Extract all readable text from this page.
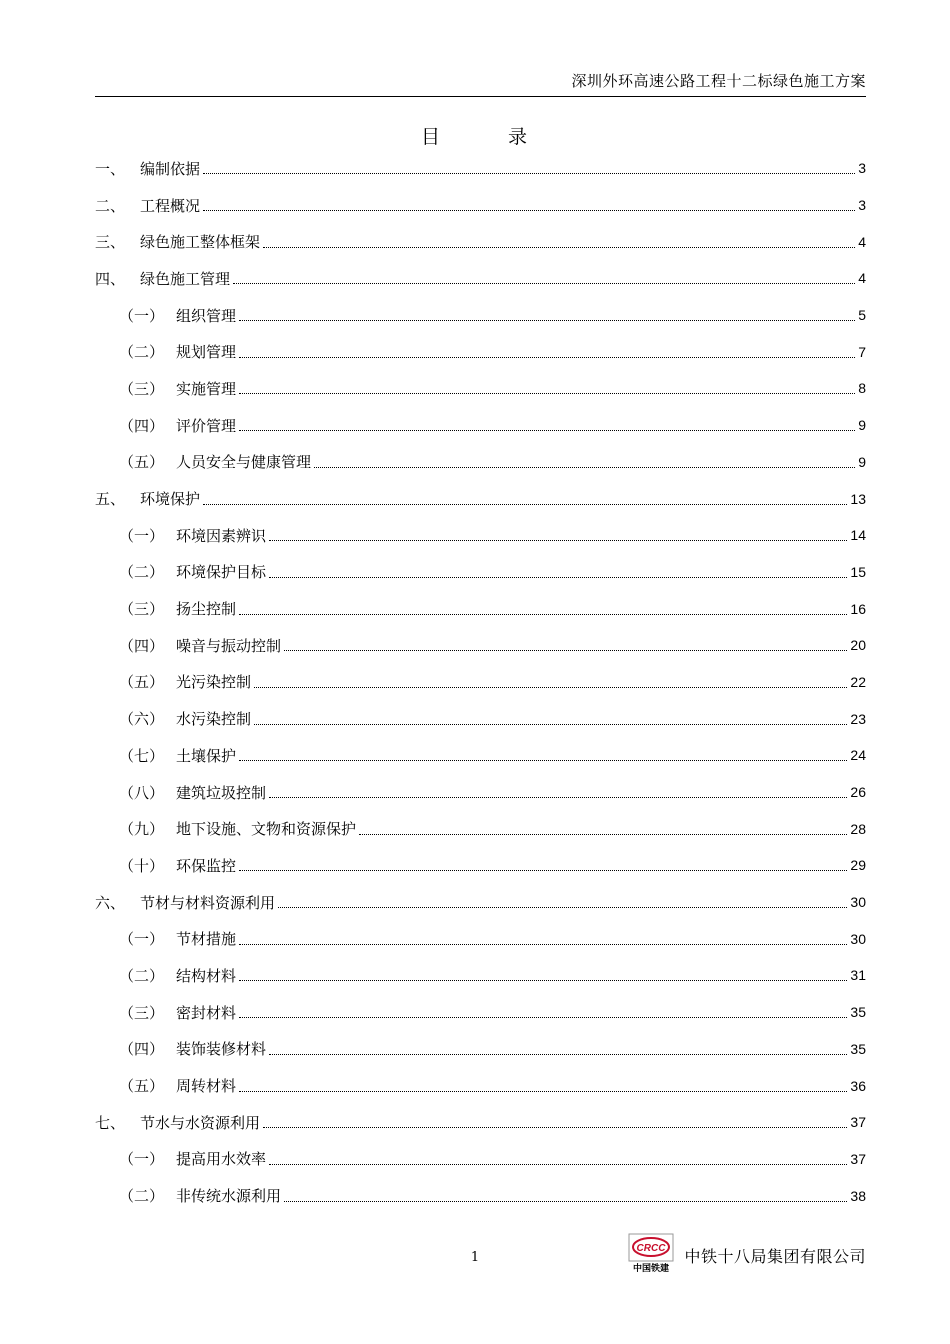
深圳外环高速公路工程十二标绿色施工方案
目	录
一、 编制依据	3
二、 工程概况	3
三、 绿色施工整体框架	4
四、 绿色施工管理	4
（一） 组织管理	5
（二） 规划管理	7
（三） 实施管理	8
（四） 评价管理	9
（五） 人员安全与健康管理	9
五、 环境保护	13
（一） 环境因素辨识	14
（二） 环境保护目标	15
（三） 扬尘控制	16
（四） 噪音与振动控制	20
（五） 光污染控制	22
（六） 水污染控制	23
（七） 土壤保护	24
（八） 建筑垃圾控制	26
（九） 地下设施、文物和资源保护	28
（十） 环保监控	29
六、 节材与材料资源利用	30
（一） 节材措施	30
（二） 结构材料	31
（三） 密封材料	35
（四） 装饰装修材料	35
（五） 周转材料	36
七、 节水与水资源利用	37
（一） 提高用水效率	37
（二） 非传统水源利用	38
1
CRCC
中国铁建
中铁十八局集团有限公司
